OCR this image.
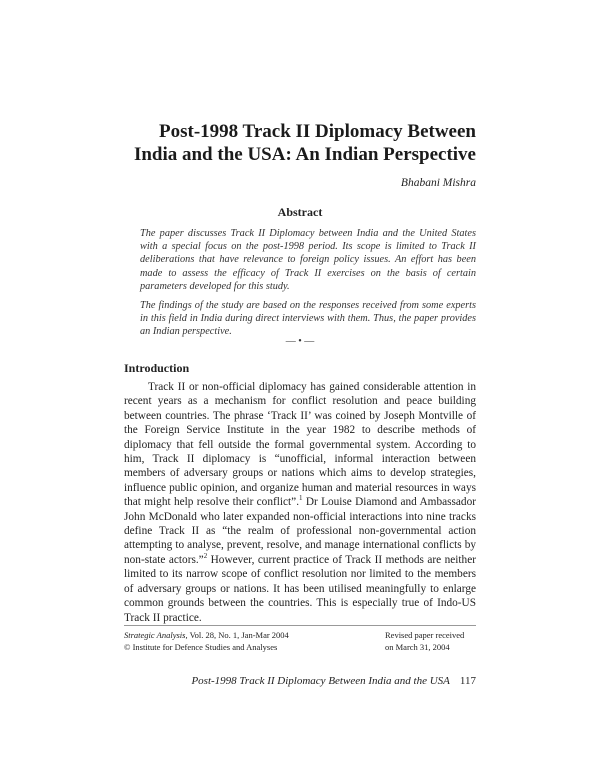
Post-1998 Track II Diplomacy Between
India and the USA: An Indian Perspective
Bhabani Mishra
Abstract

The paper discusses Track II Diplomacy between India and the United States with a special focus on the post-1998 period. Its scope is limited to Track II deliberations that have relevance to foreign policy issues. An effort has been made to assess the efficacy of Track II exercises on the basis of certain parameters developed for this study.

The findings of the study are based on the responses received from some experts in this field in India during direct interviews with them. Thus, the paper provides an Indian perspective.

— • —
Introduction

Track II or non-official diplomacy has gained considerable attention in recent years as a mechanism for conflict resolution and peace building between countries. The phrase ‘Track II’ was coined by Joseph Montville of the Foreign Service Institute in the year 1982 to describe methods of diplomacy that fell outside the formal governmental system. According to him, Track II diplomacy is “unofficial, informal interaction between members of adversary groups or nations which aims to develop strategies, influence public opinion, and organize human and material resources in ways that might help resolve their conflict”.$^1$ Dr Louise Diamond and Ambassador John McDonald who later expanded non-official interactions into nine tracks define Track II as “the realm of professional non-governmental action attempting to analyse, prevent, resolve, and manage international conflicts by non-state actors.”$^2$ However, current practice of Track II methods are neither limited to its narrow scope of conflict resolution nor limited to the members of adversary groups or nations. It has been utilised meaningfully to enlarge common grounds between the countries. This is especially true of Indo-US Track II practice.

Strategic Analysis, Vol. 28, No. 1, Jan-Mar 2004
© Institute for Defence Studies and Analyses
Revised paper received
on March 31, 2004
Post-1998 Track II Diplomacy Between India and the USA 117
